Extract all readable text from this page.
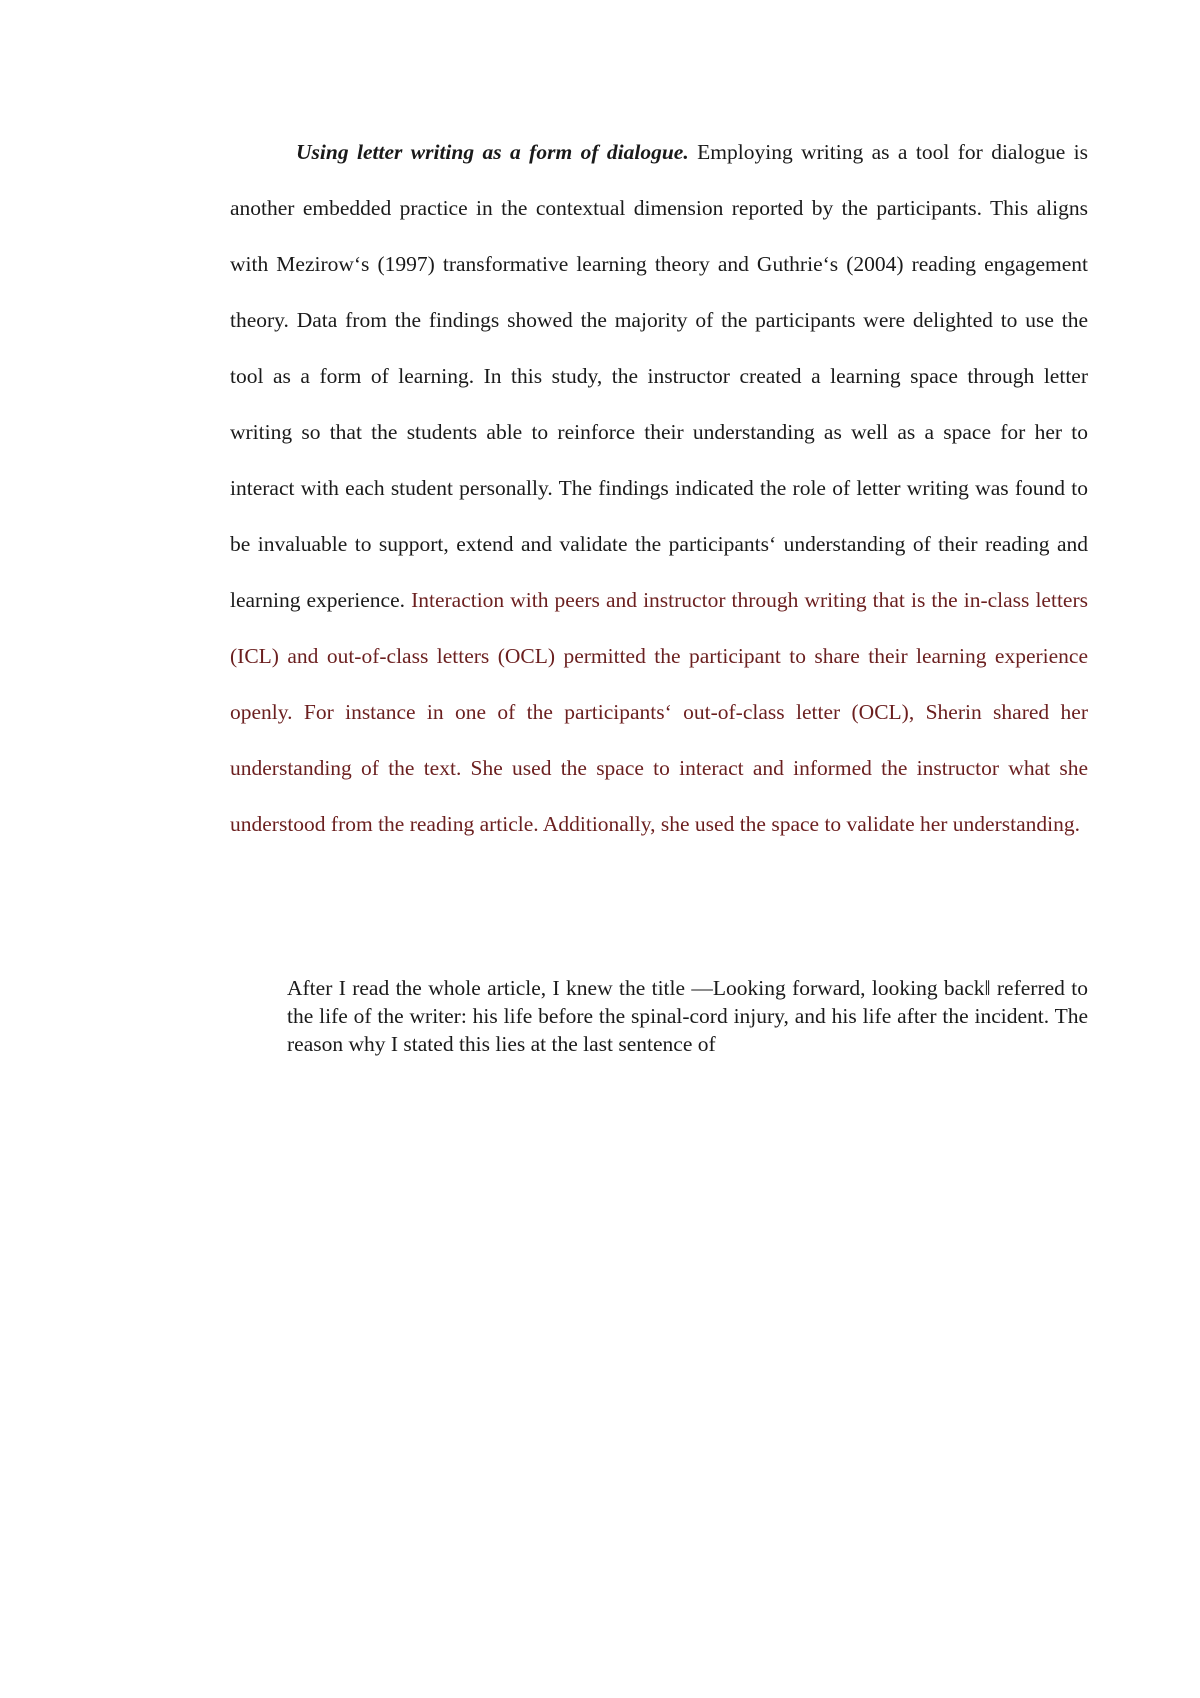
Using letter writing as a form of dialogue. Employing writing as a tool for dialogue is another embedded practice in the contextual dimension reported by the participants. This aligns with Mezirow‘s (1997) transformative learning theory and Guthrie‘s (2004) reading engagement theory. Data from the findings showed the majority of the participants were delighted to use the tool as a form of learning. In this study, the instructor created a learning space through letter writing so that the students able to reinforce their understanding as well as a space for her to interact with each student personally. The findings indicated the role of letter writing was found to be invaluable to support, extend and validate the participants‘ understanding of their reading and learning experience. Interaction with peers and instructor through writing that is the in-class letters (ICL) and out-of-class letters (OCL) permitted the participant to share their learning experience openly. For instance in one of the participants‘ out-of-class letter (OCL), Sherin shared her understanding of the text. She used the space to interact and informed the instructor what she understood from the reading article. Additionally, she used the space to validate her understanding.

After I read the whole article, I knew the title ―Looking forward, looking back‖ referred to the life of the writer: his life before the spinal-cord injury, and his life after the incident. The reason why I stated this lies at the last sentence of
